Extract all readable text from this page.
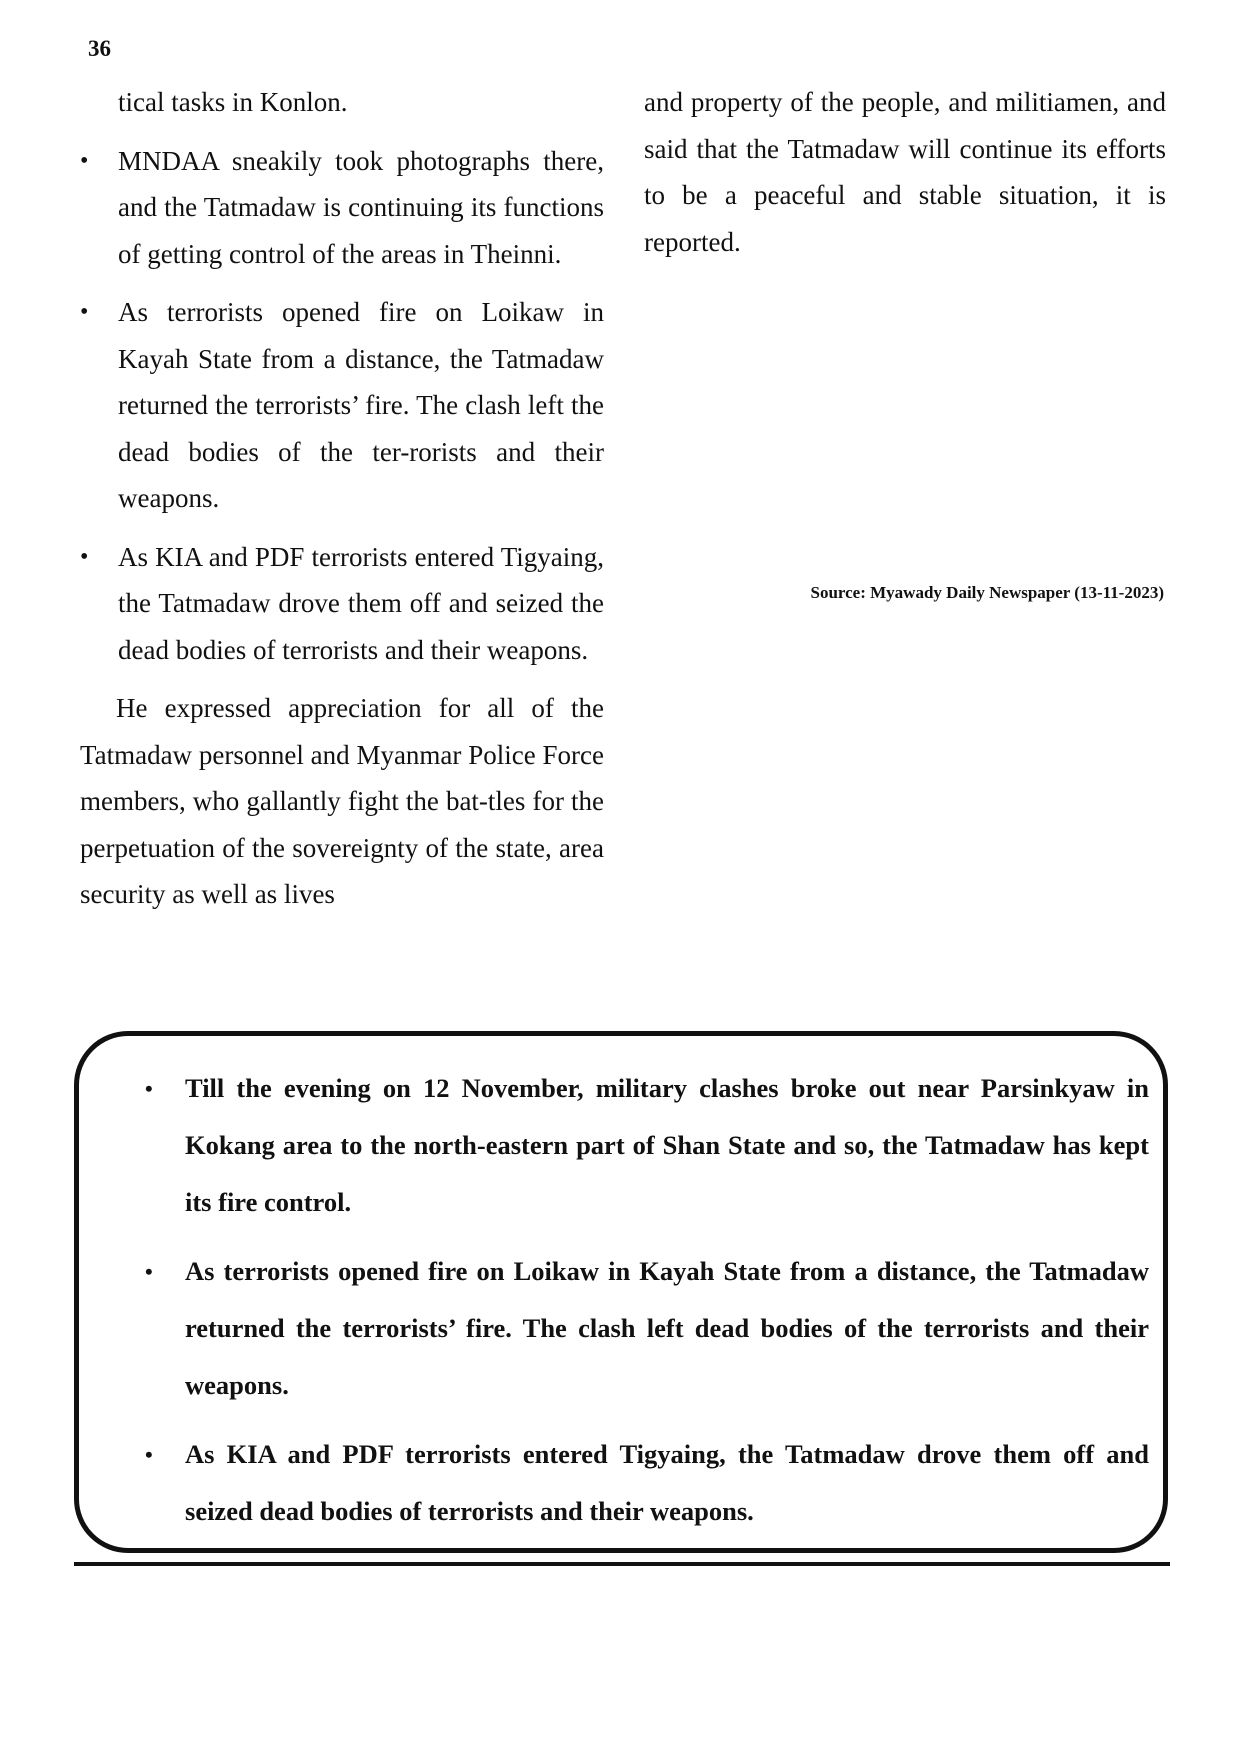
36

tical tasks in Konlon.

• MNDAA sneakily took photographs there, and the Tatmadaw is continuing its functions of getting control of the areas in Theinni.
• As terrorists opened fire on Loikaw in Kayah State from a distance, the Tatmadaw returned the terrorists’ fire. The clash left the dead bodies of the ter-rorists and their weapons.
• As KIA and PDF terrorists entered Tigyaing, the Tatmadaw drove them off and seized the dead bodies of terrorists and their weapons.

He expressed appreciation for all of the Tatmadaw personnel and Myanmar Police Force members, who gallantly fight the bat-tles for the perpetuation of the sovereignty of the state, area security as well as lives

and property of the people, and militiamen, and said that the Tatmadaw will continue its efforts to be a peaceful and stable situation, it is reported.

Source: Myawady Daily Newspaper (13-11-2023)
• Till the evening on 12 November, military clashes broke out near Parsinkyaw in Kokang area to the north-eastern part of Shan State and so, the Tatmadaw has kept its fire control.
• As terrorists opened fire on Loikaw in Kayah State from a distance, the Tatmadaw returned the terrorists’ fire. The clash left dead bodies of the terrorists and their weapons.
• As KIA and PDF terrorists entered Tigyaing, the Tatmadaw drove them off and seized dead bodies of terrorists and their weapons.
